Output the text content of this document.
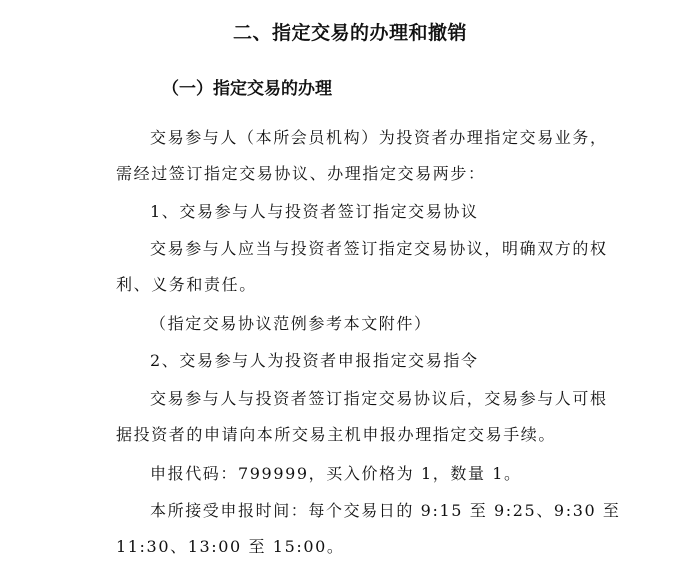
二、指定交易的办理和撤销
（一）指定交易的办理
交易参与人（本所会员机构）为投资者办理指定交易业务，
需经过签订指定交易协议、办理指定交易两步：
1、交易参与人与投资者签订指定交易协议
交易参与人应当与投资者签订指定交易协议，明确双方的权
利、义务和责任。
（指定交易协议范例参考本文附件）
2、交易参与人为投资者申报指定交易指令
交易参与人与投资者签订指定交易协议后，交易参与人可根
据投资者的申请向本所交易主机申报办理指定交易手续。
申报代码：799999，买入价格为 1，数量 1。
本所接受申报时间：每个交易日的 9:15 至 9:25、9:30 至
11:30、13:00 至 15:00。
